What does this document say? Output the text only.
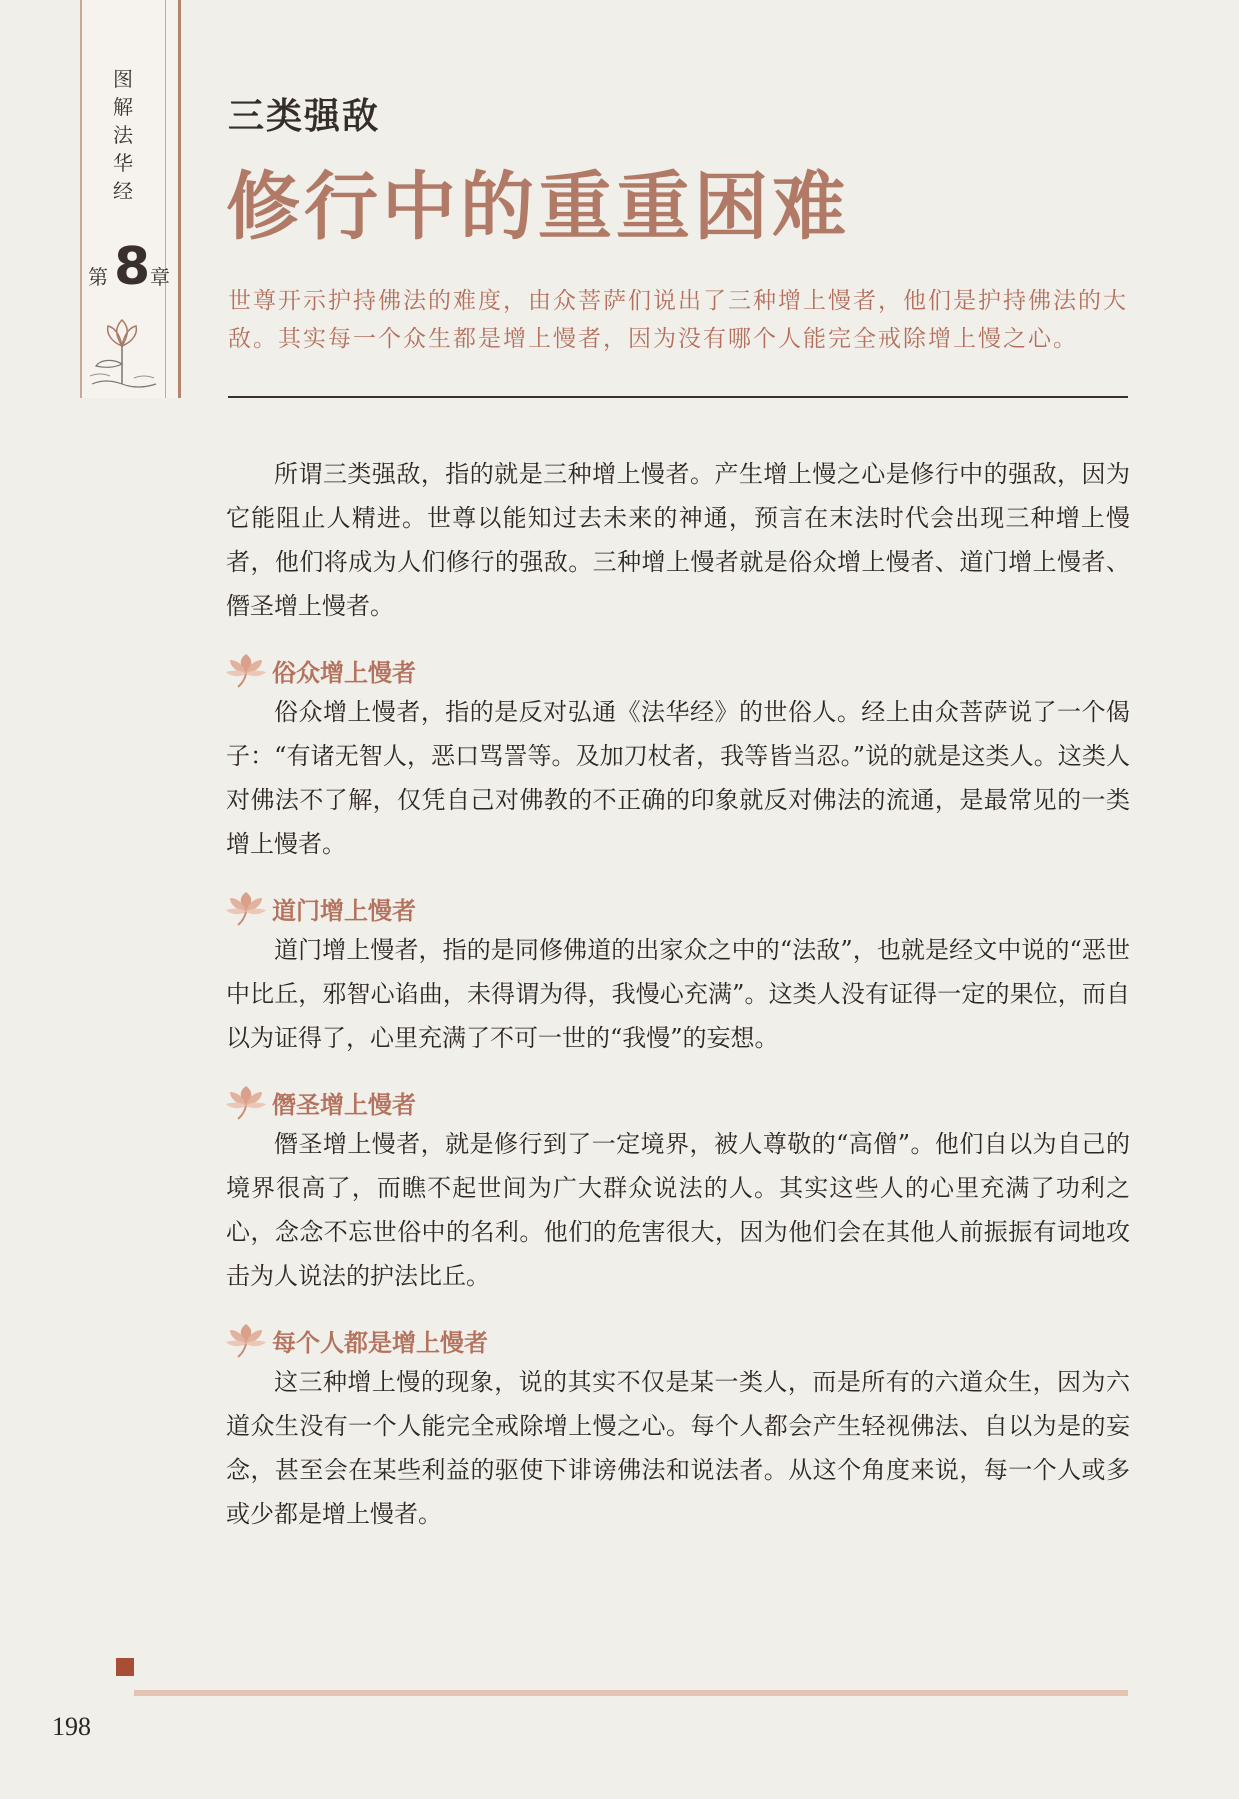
图
解
法
华
经
第 8 章
三类强敌
修行中的重重困难
世尊开示护持佛法的难度，由众菩萨们说出了三种增上慢者，他们是护持佛法的大敌。其实每一个众生都是增上慢者，因为没有哪个人能完全戒除增上慢之心。

所谓三类强敌，指的就是三种增上慢者。产生增上慢之心是修行中的强敌，因为它能阻止人精进。世尊以能知过去未来的神通，预言在末法时代会出现三种增上慢者，他们将成为人们修行的强敌。三种增上慢者就是俗众增上慢者、道门增上慢者、僭圣增上慢者。

俗众增上慢者

俗众增上慢者，指的是反对弘通《法华经》的世俗人。经上由众菩萨说了一个偈子：“有诸无智人，恶口骂詈等。及加刀杖者，我等皆当忍。”说的就是这类人。这类人对佛法不了解，仅凭自己对佛教的不正确的印象就反对佛法的流通，是最常见的一类增上慢者。

道门增上慢者

道门增上慢者，指的是同修佛道的出家众之中的“法敌”，也就是经文中说的“恶世中比丘，邪智心谄曲，未得谓为得，我慢心充满”。这类人没有证得一定的果位，而自以为证得了，心里充满了不可一世的“我慢”的妄想。

僭圣增上慢者

僭圣增上慢者，就是修行到了一定境界，被人尊敬的“高僧”。他们自以为自己的境界很高了，而瞧不起世间为广大群众说法的人。其实这些人的心里充满了功利之心，念念不忘世俗中的名利。他们的危害很大，因为他们会在其他人前振振有词地攻击为人说法的护法比丘。

每个人都是增上慢者

这三种增上慢的现象，说的其实不仅是某一类人，而是所有的六道众生，因为六道众生没有一个人能完全戒除增上慢之心。每个人都会产生轻视佛法、自以为是的妄念，甚至会在某些利益的驱使下诽谤佛法和说法者。从这个角度来说，每一个人或多或少都是增上慢者。

198
